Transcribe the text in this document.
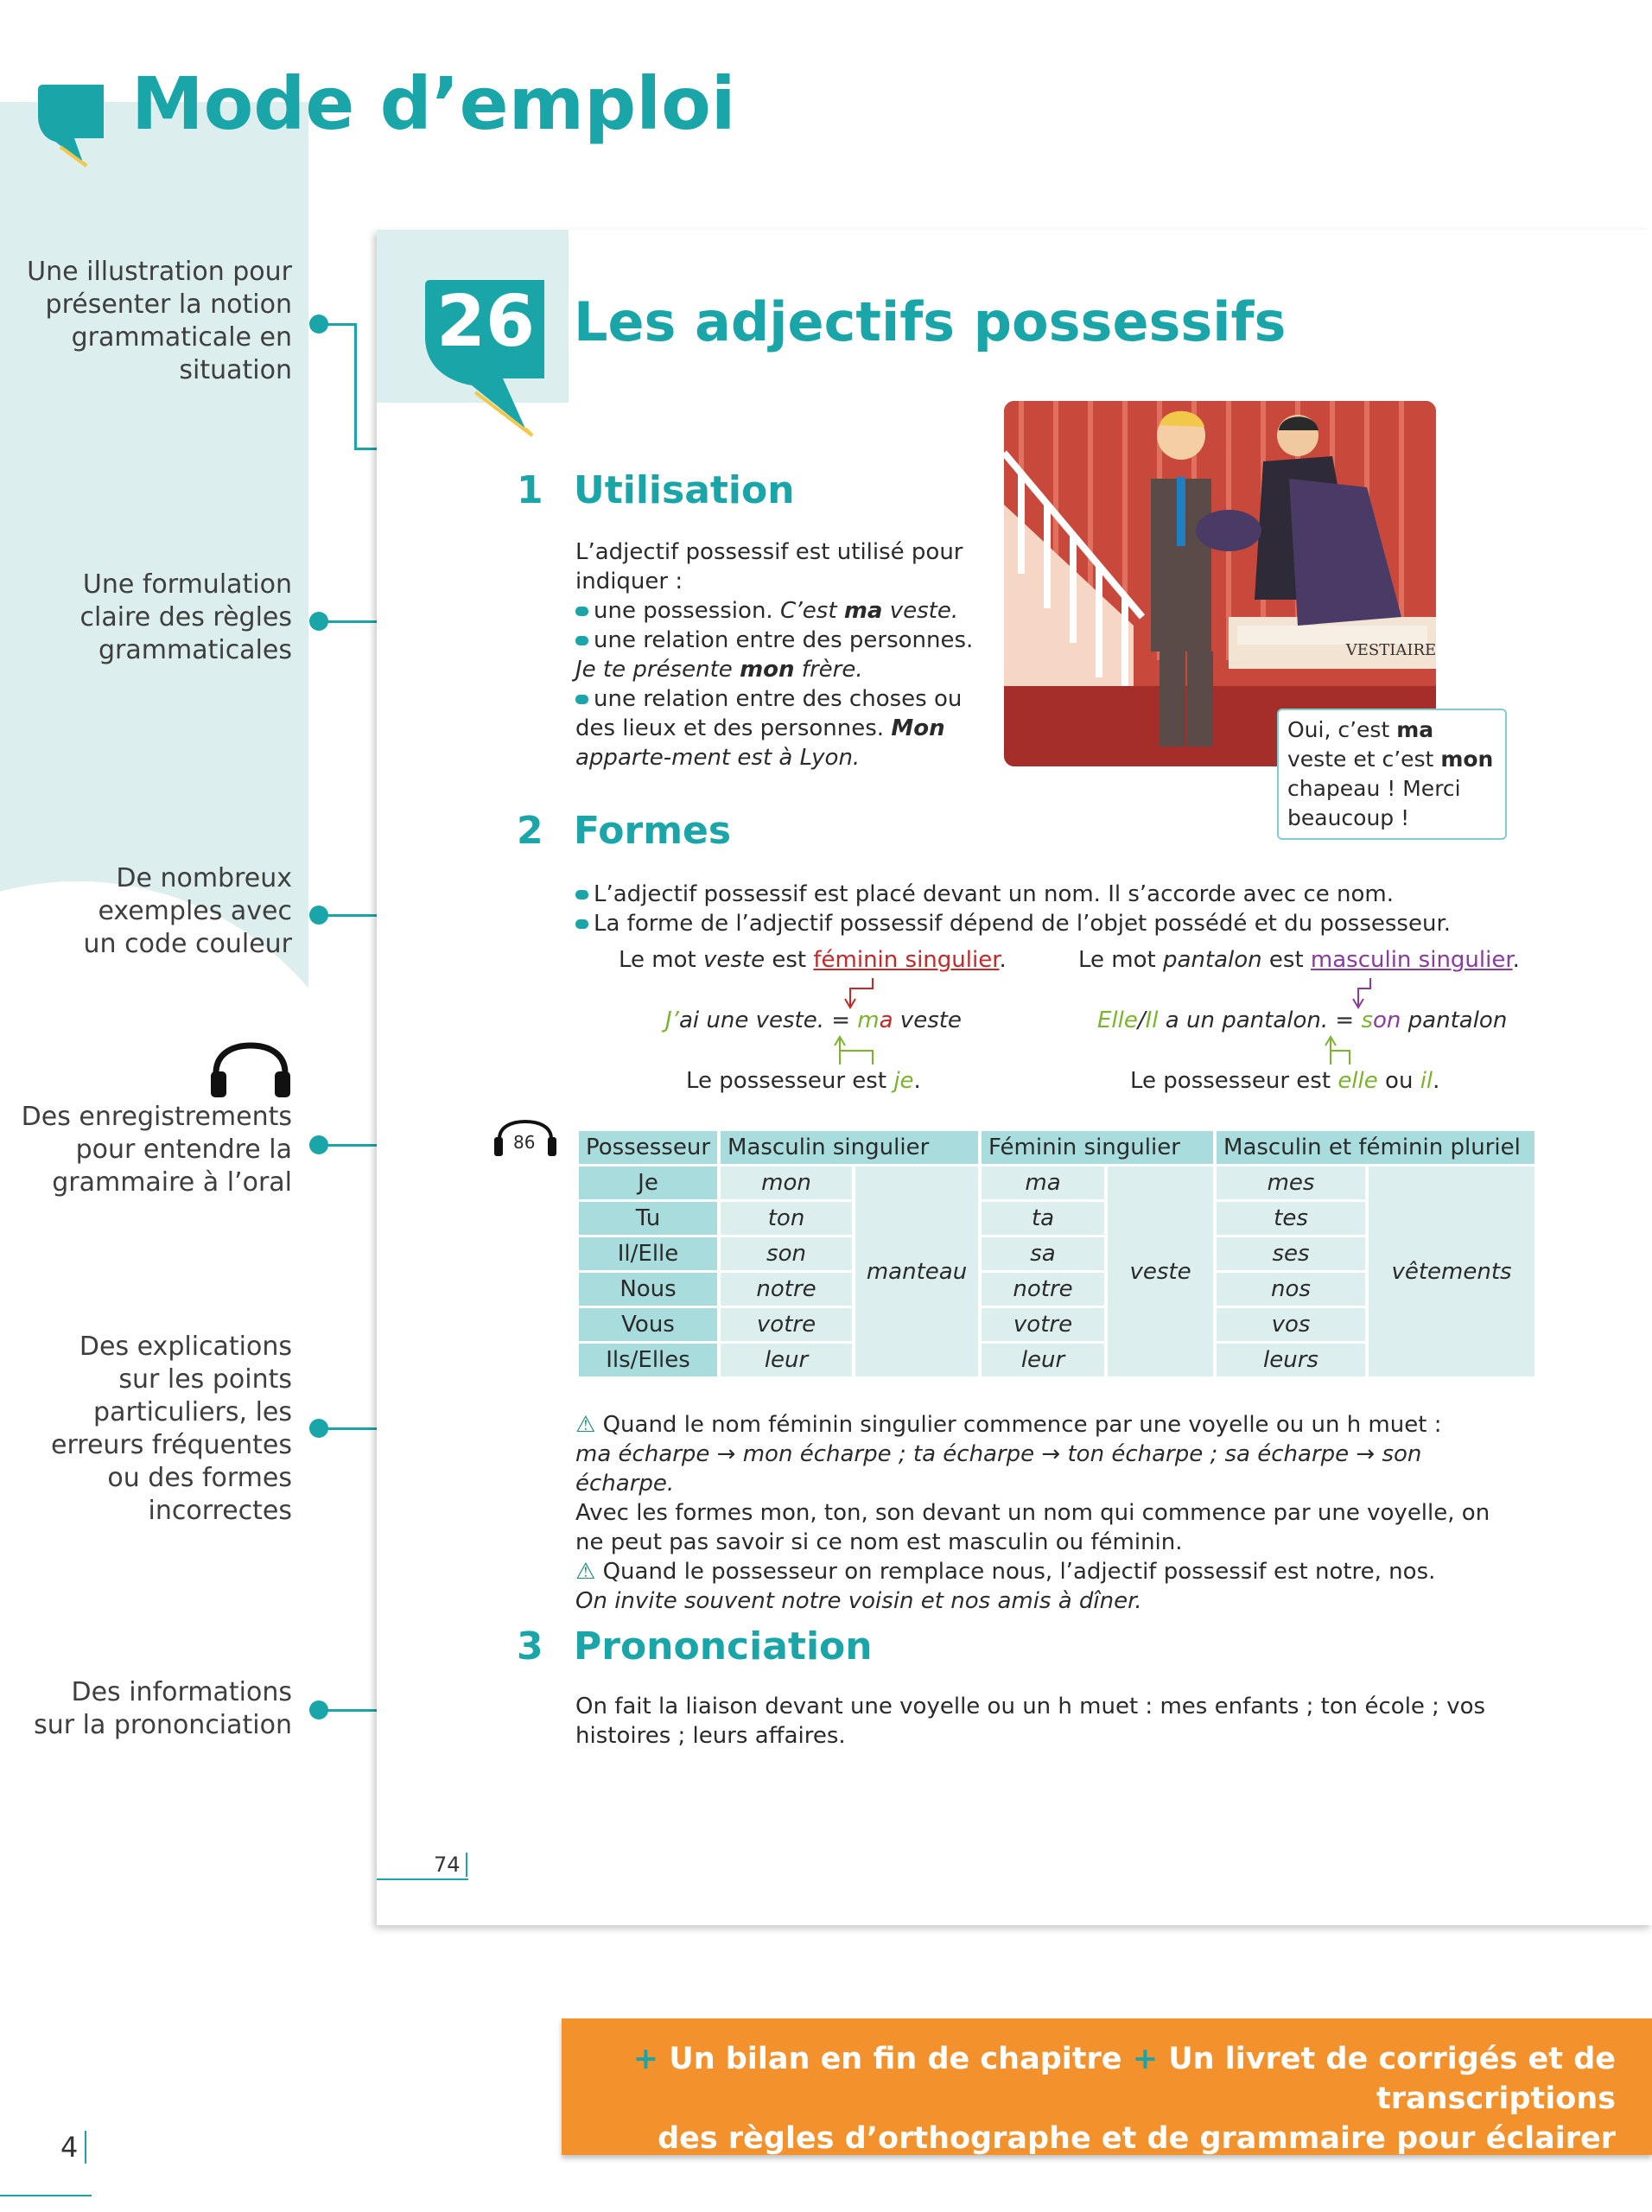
Mode d’emploi
Une illustration pour présenter la notion grammaticale en situation
Une formulation claire des règles grammaticales
De nombreux exemples avec un code couleur
Des enregistrements pour entendre la grammaire à l’oral
Des explications sur les points particuliers, les erreurs fréquentes ou des formes incorrectes
Des informations sur la prononciation
26 Les adjectifs possessifs
VESTIAIRE
Oui, c’est ma veste et c’est mon chapeau ! Merci beaucoup !
1 Utilisation
L’adjectif possessif est utilisé pour indiquer :
une possession. C’est ma veste.
une relation entre des personnes.
Je te présente mon frère.
une relation entre des choses ou des lieux et des personnes. Mon apparte-ment est à Lyon.
2 Formes
L’adjectif possessif est placé devant un nom. Il s’accorde avec ce nom.
La forme de l’adjectif possessif dépend de l’objet possédé et du possesseur.
Le mot veste est féminin singulier.
J’ai une veste. = ma veste
Le possesseur est je.
Le mot pantalon est masculin singulier.
Elle/Il a un pantalon. = son pantalon
Le possesseur est elle ou il.
86 Possesseur	Masculin singulier		Féminin singulier		Masculin et féminin pluriel	
Je	mon	manteau	ma	veste	mes	vêtements
Tu	ton		ta		tes	
Il/Elle	son		sa		ses	
Nous	notre		notre		nos	
Vous	votre		votre		vos	
Ils/Elles	leur		leur		leurs	
⚠ Quand le nom féminin singulier commence par une voyelle ou un h muet :
ma écharpe → mon écharpe ; ta écharpe → ton écharpe ; sa écharpe → son écharpe.
Avec les formes mon, ton, son devant un nom qui commence par une voyelle, on ne peut pas savoir si ce nom est masculin ou féminin.
⚠ Quand le possesseur on remplace nous, l’adjectif possessif est notre, nos.
On invite souvent notre voisin et nos amis à dîner.
3 Prononciation
On fait la liaison devant une voyelle ou un h muet : mes enfants ; ton école ; vos histoires ; leurs affaires.
74
+ Un bilan en fin de chapitre + Un livret de corrigés et de transcriptions
des règles d’orthographe et de grammaire pour éclairer des points
4
